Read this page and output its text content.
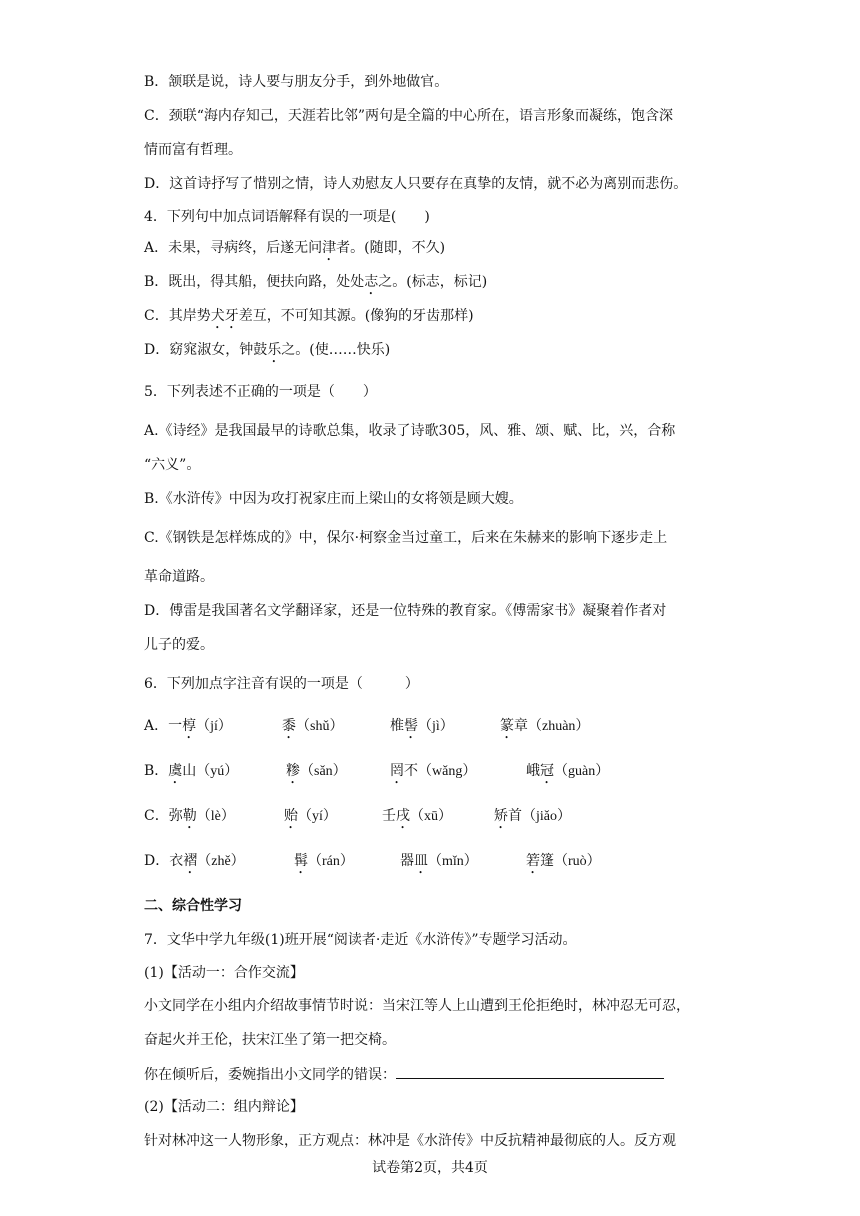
B．颔联是说，诗人要与朋友分手，到外地做官。
C．颈联“海内存知己，天涯若比邻”两句是全篇的中心所在，语言形象而凝练，饱含深
情而富有哲理。
D．这首诗抒写了惜别之情，诗人劝慰友人只要存在真挚的友情，就不必为离别而悲伤。
4．下列句中加点词语解释有误的一项是(　　)
A．未果，寻病终，后遂无问津者。(随即，不久)
B．既出，得其船，便扶向路，处处志之。(标志，标记)
C．其岸势犬牙差互，不可知其源。(像狗的牙齿那样)
D．窈窕淑女，钟鼓乐之。(使……快乐)
5．下列表述不正确的一项是（　　）
A.《诗经》是我国最早的诗歌总集，收录了诗歌305，风、雅、颂、赋、比，兴，合称
“六义”。
B.《水浒传》中因为攻打祝家庄而上梁山的女将领是顾大嫂。
C.《钢铁是怎样炼成的》中，保尔·柯察金当过童工，后来在朱赫来的影响下逐步走上
革命道路。
D．傅雷是我国著名文学翻译家，还是一位特殊的教育家。《傅需家书》凝聚着作者对
儿子的爱。
6．下列加点字注音有误的一项是（　　　）
A．一椁（jí）	黍（shǔ）	椎髻（jì）	篆章（zhuàn）
B．虞山（yú）	糁（sǎn）	罔不（wǎng）	峨冠（guàn）
C．弥勒（lè）	贻（yí）	壬戌（xū）	矫首（jiǎo）
D．衣褶（zhě）	髯（rán）	器皿（mǐn）	箬篷（ruò）
二、综合性学习
7．文华中学九年级(1)班开展“阅读者·走近《水浒传》”专题学习活动。
(1)【活动一：合作交流】
小文同学在小组内介绍故事情节时说：当宋江等人上山遭到王伦拒绝时，林冲忍无可忍，
奋起火并王伦，扶宋江坐了第一把交椅。
你在倾听后，委婉指出小文同学的错误：
(2)【活动二：组内辩论】
针对林冲这一人物形象，正方观点：林冲是《水浒传》中反抗精神最彻底的人。反方观
试卷第2页，共4页
